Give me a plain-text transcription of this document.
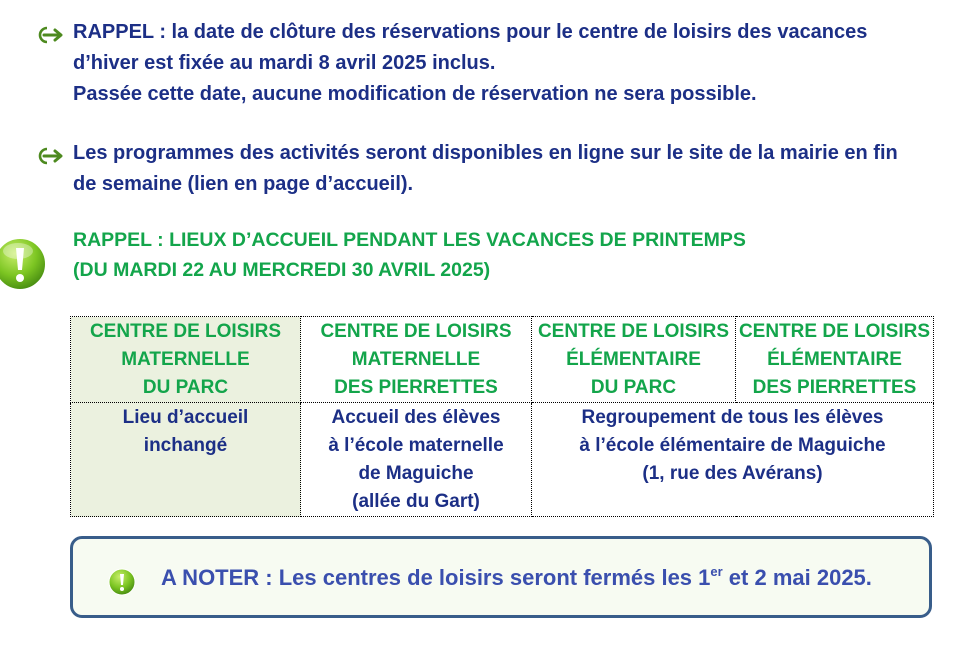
RAPPEL : la date de clôture des réservations pour le centre de loisirs des vacances
d’hiver est fixée au mardi 8 avril 2025 inclus.
Passée cette date, aucune modification de réservation ne sera possible.
Les programmes des activités seront disponibles en ligne sur le site de la mairie en fin
de semaine (lien en page d’accueil).
RAPPEL : LIEUX D’ACCUEIL PENDANT LES VACANCES DE PRINTEMPS
(DU MARDI 22 AU MERCREDI 30 AVRIL 2025)
CENTRE DE LOISIRS
MATERNELLE
DU PARC	CENTRE DE LOISIRS
MATERNELLE
DES PIERRETTES	CENTRE DE LOISIRS
ÉLÉMENTAIRE
DU PARC	CENTRE DE LOISIRS
ÉLÉMENTAIRE
DES PIERRETTES

Lieu d’accueil
inchangé	Accueil des élèves
à l’école maternelle
de Maguiche
(allée du Gart)	Regroupement de tous les élèves
à l’école élémentaire de Maguiche
(1, rue des Avérans)	
A NOTER : Les centres de loisirs seront fermés les 1er et 2 mai 2025.
